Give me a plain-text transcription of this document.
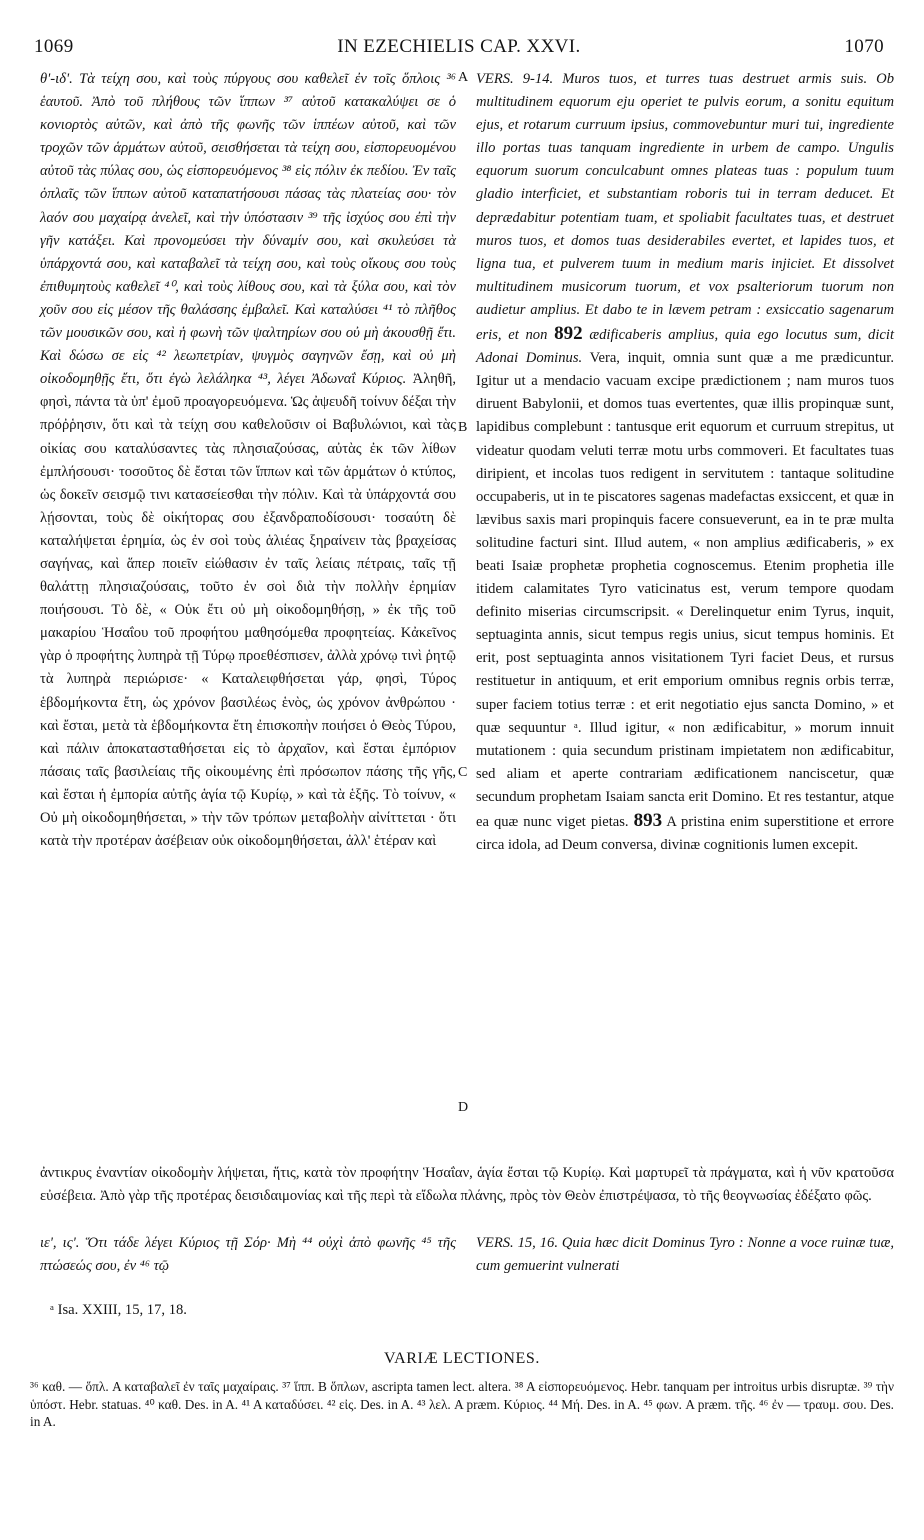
1069	IN EZECHIELIS CAP. XXVI.	1070

θ'-ιδ'. Τὰ τείχη σου, καὶ τοὺς πύργους σου καθελεῖ ἐν τοῖς ὅπλοις ³⁶ ἑαυτοῦ. Ἀπὸ τοῦ πλήθους τῶν ἵππων ³⁷ αὐτοῦ κατακαλύψει σε ὁ κονιορτὸς αὐτῶν, καὶ ἀπὸ τῆς φωνῆς τῶν ἱππέων αὐτοῦ, καὶ τῶν τροχῶν τῶν ἁρμάτων αὐτοῦ, σεισθήσεται τὰ τείχη σου, εἰσπορευομένου αὐτοῦ τὰς πύλας σου, ὡς εἰσπορευόμενος ³⁸ εἰς πόλιν ἐκ πεδίου. Ἐν ταῖς ὁπλαῖς τῶν ἵππων αὐτοῦ καταπατήσουσι πάσας τὰς πλατείας σου· τὸν λαόν σου μαχαίρᾳ ἀνελεῖ, καὶ τὴν ὑπόστασιν ³⁹ τῆς ἰσχύος σου ἐπὶ τὴν γῆν κατάξει. Καὶ προνομεύσει τὴν δύναμίν σου, καὶ σκυλεύσει τὰ ὑπάρχοντά σου, καὶ καταβαλεῖ τὰ τείχη σου, καὶ τοὺς οἴκους σου τοὺς ἐπιθυμητοὺς καθελεῖ ⁴⁰, καὶ τοὺς λίθους σου, καὶ τὰ ξύλα σου, καὶ τὸν χοῦν σου εἰς μέσον τῆς θαλάσσης ἐμβαλεῖ. Καὶ καταλύσει ⁴¹ τὸ πλῆθος τῶν μουσικῶν σου, καὶ ἡ φωνὴ τῶν ψαλτηρίων σου οὐ μὴ ἀκουσθῇ ἔτι. Καὶ δώσω σε εἰς ⁴² λεωπετρίαν, ψυγμὸς σαγηνῶν ἔσῃ, καὶ οὐ μὴ οἰκοδομηθῇς ἔτι, ὅτι ἐγὼ λελάληκα ⁴³, λέγει Ἀδωναΐ Κύριος. Ἀληθῆ, φησὶ, πάντα τὰ ὑπ' ἐμοῦ προαγορευόμενα. Ὡς ἀψευδῆ τοίνυν δέξαι τὴν πρόῤῥησιν, ὅτι καὶ τὰ τείχη σου καθελοῦσιν οἱ Βαβυλώνιοι, καὶ τὰς οἰκίας σου καταλύσαντες τὰς πλησιαζούσας, αὐτὰς ἐκ τῶν λίθων ἐμπλήσουσι· τοσοῦτος δὲ ἔσται τῶν ἵππων καὶ τῶν ἁρμάτων ὁ κτύπος, ὡς δοκεῖν σεισμῷ τινι κατασείεσθαι τὴν πόλιν. Καὶ τὰ ὑπάρχοντά σου λῄσονται, τοὺς δὲ οἰκήτορας σου ἐξανδραποδίσουσι· τοσαύτη δὲ καταλήψεται ἐρημία, ὡς ἐν σοὶ τοὺς ἁλιέας ξηραίνειν τὰς βραχείσας σαγήνας, καὶ ἅπερ ποιεῖν εἰώθασιν ἐν ταῖς λείαις πέτραις, ταῖς τῇ θαλάττῃ πλησιαζούσαις, τοῦτο ἐν σοὶ διὰ τὴν πολλὴν ἐρημίαν ποιήσουσι. Τὸ δὲ, « Οὐκ ἔτι οὐ μὴ οἰκοδομηθήσῃ, » ἐκ τῆς τοῦ μακαρίου Ἡσαΐου τοῦ προφήτου μαθησόμεθα προφητείας. Κἀκεῖνος γὰρ ὁ προφήτης λυπηρὰ τῇ Τύρῳ προεθέσπισεν, ἀλλὰ χρόνῳ τινὶ ῥητῷ τὰ λυπηρὰ περιώρισε· « Καταλειφθήσεται γάρ, φησὶ, Τύρος ἑβδομήκοντα ἔτη, ὡς χρόνον βασιλέως ἑνὸς, ὡς χρόνον ἀνθρώπου · καὶ ἔσται, μετὰ τὰ ἑβδομήκοντα ἔτη ἐπισκοπὴν ποιήσει ὁ Θεὸς Τύρου, καὶ πάλιν ἀποκατασταθήσεται εἰς τὸ ἀρχαῖον, καὶ ἔσται ἐμπόριον πάσαις ταῖς βασιλείαις τῆς οἰκουμένης ἐπὶ πρόσωπον πάσης τῆς γῆς, καὶ ἔσται ἡ ἐμπορία αὐτῆς ἁγία τῷ Κυρίῳ, » καὶ τὰ ἑξῆς. Τὸ τοίνυν, « Οὐ μὴ οἰκοδομηθήσεται, » τὴν τῶν τρόπων μεταβολὴν αἰνίττεται · ὅτι κατὰ τὴν προτέραν ἀσέβειαν οὐκ οἰκοδομηθήσεται, ἀλλ' ἑτέραν καὶ

VERS. 9-14. Muros tuos, et turres tuas destruet armis suis. Ob multitudinem equorum eju operiet te pulvis eorum, a sonitu equitum ejus, et rotarum curruum ipsius, commovebuntur muri tui, ingrediente illo portas tuas tanquam ingrediente in urbem de campo. Ungulis equorum suorum conculcabunt omnes plateas tuas : populum tuum gladio interficiet, et substantiam roboris tui in terram deducet. Et deprædabitur potentiam tuam, et spoliabit facultates tuas, et destruet muros tuos, et domos tuas desiderabiles evertet, et lapides tuos, et ligna tua, et pulverem tuum in medium maris injiciet. Et dissolvet multitudinem musicorum tuorum, et vox psalteriorum tuorum non audietur amplius. Et dabo te in lævem petram : exsiccatio sagenarum eris, et non 892 ædificaberis amplius, quia ego locutus sum, dicit Adonai Dominus. Vera, inquit, omnia sunt quæ a me prædicuntur. Igitur ut a mendacio vacuam excipe prædictionem ; nam muros tuos diruent Babylonii, et domos tuas evertentes, quæ illis propinquæ sunt, lapidibus complebunt : tantusque erit equorum et curruum strepitus, ut videatur quodam veluti terræ motu urbs commoveri. Et facultates tuas diripient, et incolas tuos redigent in servitutem : tantaque solitudine occupaberis, ut in te piscatores sagenas madefactas exsiccent, et quæ in lævibus saxis mari propinquis facere consueverunt, ea in te præ multa solitudine facturi sint. Illud autem, « non amplius ædificaberis, » ex beati Isaiæ prophetæ prophetia cognoscemus. Etenim prophetia ille itidem calamitates Tyro vaticinatus est, verum tempore quodam definito miserias circumscripsit. « Derelinquetur enim Tyrus, inquit, septuaginta annis, sicut tempus regis unius, sicut tempus hominis. Et erit, post septuaginta annos visitationem Tyri faciet Deus, et rursus restituetur in antiquum, et erit emporium omnibus regnis orbis terræ, super faciem totius terræ : et erit negotiatio ejus sancta Domino, » et quæ sequuntur ᵃ. Illud igitur, « non ædificabitur, » morum innuit mutationem : quia secundum pristinam impietatem non ædificabitur, sed aliam et aperte contrariam ædificationem nanciscetur, quæ secundum prophetam Isaiam sancta erit Domino. Et res testantur, atque ea quæ nunc viget pietas. 893 A pristina enim superstitione et errore circa idola, ad Deum conversa, divinæ cognitionis lumen excepit.

A
B
C
D
ἀντικρυς ἐναντίαν οἰκοδομὴν λήψεται, ἥτις, κατὰ τὸν προφήτην Ἡσαΐαν, ἁγία ἔσται τῷ Κυρίῳ. Καὶ μαρτυρεῖ τὰ πράγματα, καὶ ἡ νῦν κρατοῦσα εὐσέβεια. Ἀπὸ γὰρ τῆς προτέρας δεισιδαιμονίας καὶ τῆς περὶ τὰ εἴδωλα πλάνης, πρὸς τὸν Θεὸν ἐπιστρέψασα, τὸ τῆς θεογνωσίας ἐδέξατο φῶς.
ιε', ις'. Ὅτι τάδε λέγει Κύριος τῇ Σόρ· Μὴ ⁴⁴ οὐχὶ ἀπὸ φωνῆς ⁴⁵ τῆς πτώσεώς σου, ἐν ⁴⁶ τῷ
VERS. 15, 16. Quia hæc dicit Dominus Tyro : Nonne a voce ruinæ tuæ, cum gemuerint vulnerati
ᵃ Isa. XXIII, 15, 17, 18.
VARIÆ LECTIONES.
³⁶ καθ. — ὅπλ. A καταβαλεῖ ἐν ταῖς μαχαίραις. ³⁷ ἵππ. B ὅπλων, ascripta tamen lect. altera. ³⁸ A εἰσπορευόμενος. Hebr. tanquam per introitus urbis disruptæ. ³⁹ τὴν ὑπόστ. Hebr. statuas. ⁴⁰ καθ. Des. in A. ⁴¹ A καταδύσει. ⁴² εἰς. Des. in A. ⁴³ λελ. A præm. Κύριος. ⁴⁴ Μή. Des. in A. ⁴⁵ φων. A præm. τῆς. ⁴⁶ ἐν — τραυμ. σου. Des. in A.
